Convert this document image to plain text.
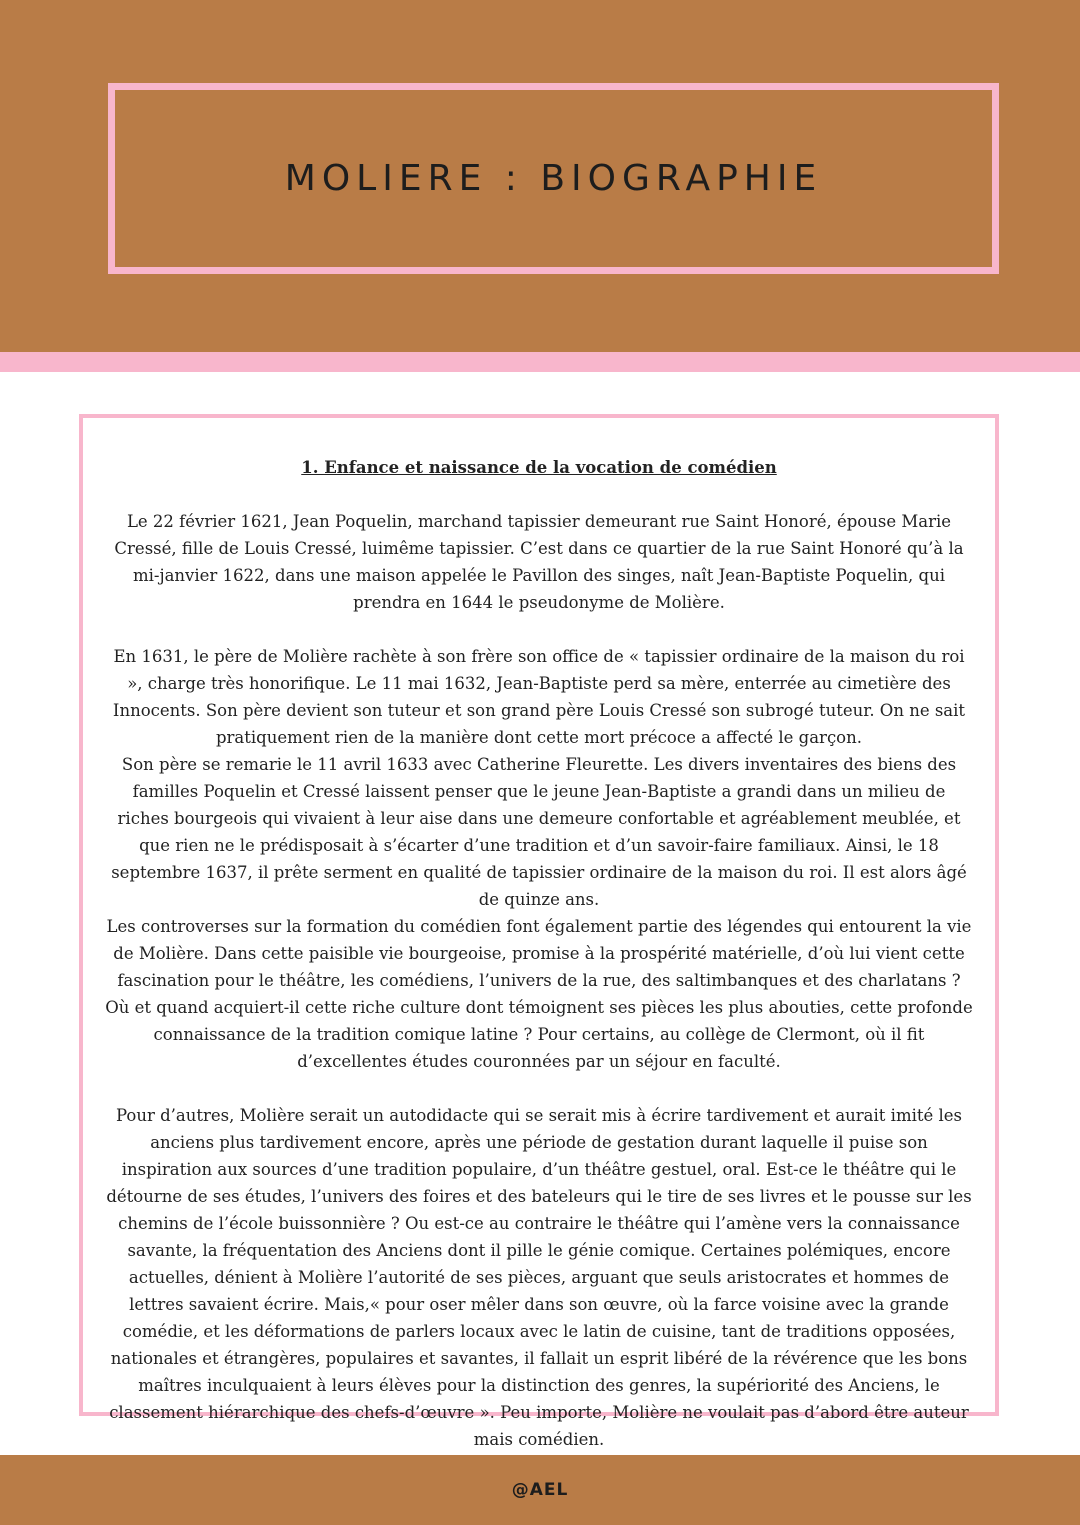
MOLIERE : BIOGRAPHIE
1. Enfance et naissance de la vocation de comédien

Le 22 février 1621, Jean Poquelin, marchand tapissier demeurant rue Saint Honoré, épouse Marie Cressé, fille de Louis Cressé, luimême tapissier. C’est dans ce quartier de la rue Saint Honoré qu’à la mi-janvier 1622, dans une maison appelée le Pavillon des singes, naît Jean-Baptiste Poquelin, qui prendra en 1644 le pseudonyme de Molière.

En 1631, le père de Molière rachète à son frère son office de « tapissier ordinaire de la maison du roi », charge très honorifique. Le 11 mai 1632, Jean-Baptiste perd sa mère, enterrée au cimetière des Innocents. Son père devient son tuteur et son grand père Louis Cressé son subrogé tuteur. On ne sait pratiquement rien de la manière dont cette mort précoce a affecté le garçon.

Son père se remarie le 11 avril 1633 avec Catherine Fleurette. Les divers inventaires des biens des familles Poquelin et Cressé laissent penser que le jeune Jean-Baptiste a grandi dans un milieu de riches bourgeois qui vivaient à leur aise dans une demeure confortable et agréablement meublée, et que rien ne le prédisposait à s’écarter d’une tradition et d’un savoir-faire familiaux. Ainsi, le 18 septembre 1637, il prête serment en qualité de tapissier ordinaire de la maison du roi. Il est alors âgé de quinze ans.

Les controverses sur la formation du comédien font également partie des légendes qui entourent la vie de Molière. Dans cette paisible vie bourgeoise, promise à la prospérité matérielle, d’où lui vient cette fascination pour le théâtre, les comédiens, l’univers de la rue, des saltimbanques et des charlatans ? Où et quand acquiert-il cette riche culture dont témoignent ses pièces les plus abouties, cette profonde connaissance de la tradition comique latine ? Pour certains, au collège de Clermont, où il fit d’excellentes études couronnées par un séjour en faculté.

Pour d’autres, Molière serait un autodidacte qui se serait mis à écrire tardivement et aurait imité les anciens plus tardivement encore, après une période de gestation durant laquelle il puise son inspiration aux sources d’une tradition populaire, d’un théâtre gestuel, oral. Est-ce le théâtre qui le détourne de ses études, l’univers des foires et des bateleurs qui le tire de ses livres et le pousse sur les chemins de l’école buissonnière ? Ou est-ce au contraire le théâtre qui l’amène vers la connaissance savante, la fréquentation des Anciens dont il pille le génie comique. Certaines polémiques, encore actuelles, dénient à Molière l’autorité de ses pièces, arguant que seuls aristocrates et hommes de lettres savaient écrire. Mais,« pour oser mêler dans son œuvre, où la farce voisine avec la grande comédie, et les déformations de parlers locaux avec le latin de cuisine, tant de traditions opposées, nationales et étrangères, populaires et savantes, il fallait un esprit libéré de la révérence que les bons maîtres inculquaient à leurs élèves pour la distinction des genres, la supériorité des Anciens, le classement hiérarchique des chefs-d’œuvre ». Peu importe, Molière ne voulait pas d’abord être auteur mais comédien.

@AEL
